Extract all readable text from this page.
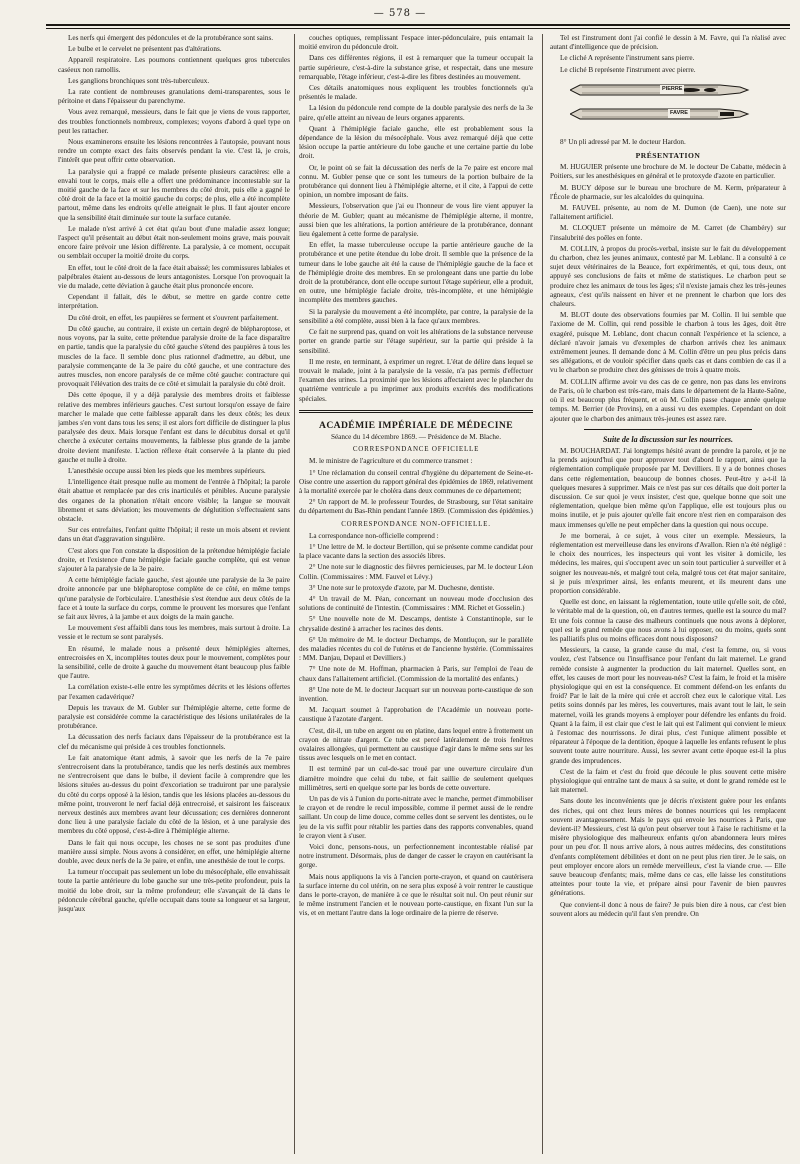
— 578 —

Les nerfs qui émergent des pédoncules et de la protubérance sont sains.

Le bulbe et le cervelet ne présentent pas d'altérations.

Appareil respiratoire. Les poumons contiennent quelques gros tubercules caséeux non ramollis.

Les ganglions bronchiques sont très-tuberculeux.

La rate contient de nombreuses granulations demi-transparentes, sous le péritoine et dans l'épaisseur du parenchyme.

Vous avez remarqué, messieurs, dans le fait que je viens de vous rapporter, des troubles fonctionnels nombreux, complexes; voyons d'abord à quel type on peut les rattacher.

Nous examinerons ensuite les lésions rencontrées à l'autopsie, pouvant nous rendre un compte exact des faits observés pendant la vie. C'est là, je crois, l'intérêt que peut offrir cette observation.

La paralysie qui a frappé ce malade présente plusieurs caractères: elle a envahi tout le corps, mais elle a offert une prédominance incontestable sur la moitié gauche de la face et sur les membres du côté droit, puis elle a gagné le côté droit de la face et la moitié gauche du corps; de plus, elle a été incomplète partout, même dans les endroits qu'elle atteignait le plus. Il faut ajouter encore que la sensibilité était diminuée sur toute la surface cutanée.

Le malade n'est arrivé à cet état qu'au bout d'une maladie assez longue; l'aspect qu'il présentait au début était non-seulement moins grave, mais pouvait encore faire prévoir une lésion différente. La paralysie, à ce moment, occupait ou semblait occuper la moitié droite du corps.

En effet, tout le côté droit de la face était abaissé; les commissures labiales et palpébrales étaient au-dessous de leurs antagonistes. Lorsque l'on provoquait la vie du malade, cette déviation à gauche était plus prononcée encore.

Cependant il fallait, dès le début, se mettre en garde contre cette interprétation.

Du côté droit, en effet, les paupières se ferment et s'ouvrent parfaitement.

Du côté gauche, au contraire, il existe un certain degré de blépharoptose, et nous voyons, par la suite, cette prétendue paralysie droite de la face disparaître en partie, tandis que la paralysie du côté gauche s'étend des paupières à tous les muscles de la face. Il semble donc plus rationnel d'admettre, au début, une paralysie commençante de la 3e paire du côté gauche, et une contracture des autres muscles, non encore paralysés de ce même côté gauche: contracture qui provoquait l'élévation des traits de ce côté et simulait la paralysie du côté droit.

Dès cette époque, il y a déjà paralysie des membres droits et faiblesse relative des membres inférieurs gauches. C'est surtout lorsqu'on essaye de faire marcher le malade que cette faiblesse apparaît dans les deux côtés; les deux jambes s'en vont dans tous les sens; il est alors fort difficile de distinguer la plus paralysée des deux. Mais lorsque l'enfant est dans le décubitus dorsal et qu'il cherche à exécuter certains mouvements, la faiblesse plus grande de la jambe droite devient manifeste. L'action réflexe était conservée à la plante du pied gauche et nulle à droite.

L'anesthésie occupe aussi bien les pieds que les membres supérieurs.

L'intelligence était presque nulle au moment de l'entrée à l'hôpital; la parole était abattue et remplacée par des cris inarticulés et pénibles. Aucune paralysie des organes de la phonation n'était encore visible; la langue se mouvait librement et sans déviation; les mouvements de déglutition s'effectuaient sans obstacle.

Sur ces entrefaites, l'enfant quitte l'hôpital; il reste un mois absent et revient dans un état d'aggravation singulière.

C'est alors que l'on constate la disposition de la prétendue hémiplégie faciale droite, et l'existence d'une hémiplégie faciale gauche complète, qui est venue s'ajouter à la paralysie de la 3e paire.

A cette hémiplégie faciale gauche, s'est ajoutée une paralysie de la 3e paire droite annoncée par une blépharoptose complète de ce côté, en même temps qu'une paralysie de l'orbiculaire. L'anesthésie s'est étendue aux deux côtés de la face et à toute la surface du corps, comme le prouvent les morsures que l'enfant se fait aux lèvres, à la jambe et aux doigts de la main gauche.

Le mouvement s'est affaibli dans tous les membres, mais surtout à droite. La vessie et le rectum se sont paralysés.

En résumé, le malade nous a présenté deux hémiplégies alternes, entrecroisées en X, incomplètes toutes deux pour le mouvement, complètes pour la sensibilité, celle de droite à gauche du mouvement étant beaucoup plus faible que l'autre.

La corrélation existe-t-elle entre les symptômes décrits et les lésions offertes par l'examen cadavérique?

Depuis les travaux de M. Gubler sur l'hémiplégie alterne, cette forme de paralysie est considérée comme la caractéristique des lésions unilatérales de la protubérance.

La décussation des nerfs faciaux dans l'épaisseur de la protubérance est la clef du mécanisme qui préside à ces troubles fonctionnels.

Le fait anatomique étant admis, à savoir que les nerfs de la 7e paire s'entrecroisent dans la protubérance, tandis que les nerfs destinés aux membres ne s'entrecroisent que dans le bulbe, il devient facile à comprendre que les lésions situées au-dessus du point d'excoriation se traduiront par une paralysie du côté du corps opposé à la lésion, tandis que les lésions placées au-dessous du même point, trouveront le nerf facial déjà entrecroisé, et saisiront les faisceaux nerveux destinés aux membres avant leur décussation; ces dernières donneront donc lieu à une paralysie faciale du côté de la lésion, et à une paralysie des membres du côté opposé, c'est-à-dire à l'hémiplégie alterne.

Dans le fait qui nous occupe, les choses ne se sont pas produites d'une manière aussi simple. Nous avons à considérer, en effet, une hémiplégie alterne double, avec deux nerfs de la 3e paire, et enfin, une anesthésie de tout le corps.

La tumeur n'occupait pas seulement un lobe du mésocéphale, elle envahissait toute la partie antérieure du lobe gauche sur une très-petite profondeur, puis la moitié du lobe droit, sur la même profondeur; elle s'avançait de là dans le pédoncule cérébral gauche, qu'elle occupait dans toute sa longueur et sa largeur, jusqu'aux

couches optiques, remplissant l'espace inter-pédonculaire, puis entamait la moitié environ du pédoncule droit.

Dans ces différentes régions, il est à remarquer que la tumeur occupait la partie supérieure, c'est-à-dire la substance grise, et respectait, dans une mesure remarquable, l'étage inférieur, c'est-à-dire les fibres destinées au mouvement.

Ces détails anatomiques nous expliquent les troubles fonctionnels qu'a présentés le malade.

La lésion du pédoncule rend compte de la double paralysie des nerfs de la 3e paire, qu'elle atteint au niveau de leurs organes apparents.

Quant à l'hémiplégie faciale gauche, elle est probablement sous la dépendance de la lésion du mésocéphale. Vous avez remarqué déjà que cette lésion occupe la partie antérieure du lobe gauche et une certaine partie du lobe droit.

Or, le point où se fait la décussation des nerfs de la 7e paire est encore mal connu. M. Gubler pense que ce sont les tumeurs de la portion bulbaire de la protubérance qui donnent lieu à l'hémiplégie alterne, et il cite, à l'appui de cette opinion, un nombre imposant de faits.

Messieurs, l'observation que j'ai eu l'honneur de vous lire vient appuyer la théorie de M. Gubler; quant au mécanisme de l'hémiplégie alterne, il montre, aussi bien que les altérations, la portion antérieure de la protubérance, donnant lieu également à cette forme de paralysie.

En effet, la masse tuberculeuse occupe la partie antérieure gauche de la protubérance et une petite étendue du lobe droit. Il semble que la présence de la tumeur dans le lobe gauche ait été la cause de l'hémiplégie gauche de la face et de l'hémiplégie droite des membres. En se prolongeant dans une partie du lobe droit de la protubérance, dont elle occupe surtout l'étage supérieur, elle a produit, en outre, une hémiplégie faciale droite, très-incomplète, et une hémiplégie incomplète des membres gauches.

Si la paralysie du mouvement a été incomplète, par contre, la paralysie de la sensibilité a été complète, aussi bien à la face qu'aux membres.

Ce fait ne surprend pas, quand on voit les altérations de la substance nerveuse porter en grande partie sur l'étage supérieur, sur la partie qui préside à la sensibilité.

Il me reste, en terminant, à exprimer un regret. L'état de délire dans lequel se trouvait le malade, joint à la paralysie de la vessie, n'a pas permis d'effectuer l'examen des urines. La proximité que les lésions affectaient avec le plancher du quatrième ventricule a pu imprimer aux produits excrétés des modifications spéciales.

ACADÉMIE IMPÉRIALE DE MÉDECINE

Séance du 14 décembre 1869. — Présidence de M. Blache.

CORRESPONDANCE OFFICIELLE

M. le ministre de l'agriculture et du commerce transmet :

1° Une réclamation du conseil central d'hygiène du département de Seine-et-Oise contre une assertion du rapport général des épidémies de 1869, relativement à la mortalité exercée par le choléra dans deux communes de ce département;

2° Un rapport de M. le professeur Tourdes, de Strasbourg, sur l'état sanitaire du département du Bas-Rhin pendant l'année 1869. (Commission des épidémies.)

CORRESPONDANCE NON-OFFICIELLE.

La correspondance non-officielle comprend :

1° Une lettre de M. le docteur Bertillon, qui se présente comme candidat pour la place vacante dans la section des associés libres.

2° Une note sur le diagnostic des fièvres pernicieuses, par M. le docteur Léon Collin. (Commissaires : MM. Fauvel et Lévy.)

3° Une note sur le protoxyde d'azote, par M. Duchesne, dentiste.

4° Un travail de M. Péan, concernant un nouveau mode d'occlusion des solutions de continuité de l'intestin. (Commissaires : MM. Richet et Gosselin.)

5° Une nouvelle note de M. Descamps, dentiste à Constantinople, sur le chrysalide destiné à arracher les racines des dents.

6° Un mémoire de M. le docteur Dechamps, de Montluçon, sur le parallèle des maladies récentes du col de l'utérus et de l'ancienne hystérie. (Commissaires : MM. Danjau, Depaul et Devilliers.)

7° Une note de M. Hoffman, pharmacien à Paris, sur l'emploi de l'eau de chaux dans l'allaitement artificiel. (Commission de la mortalité des enfants.)

8° Une note de M. le docteur Jacquart sur un nouveau porte-caustique de son invention.

M. Jacquart soumet à l'approbation de l'Académie un nouveau porte-caustique à l'azotate d'argent.

C'est, dit-il, un tube en argent ou en platine, dans lequel entre à frottement un crayon de nitrate d'argent. Ce tube est percé latéralement de trois fenêtres ovalaires allongées, qui permettent au caustique d'agir dans le même sens sur les tissus avec lesquels on le met en contact.

Il est terminé par un cul-de-sac troué par une ouverture circulaire d'un diamètre moindre que celui du tube, et fait saillie de seulement quelques millimètres, serti en quelque sorte par les bords de cette ouverture.

Un pas de vis à l'union du porte-nitrate avec le manche, permet d'immobiliser le crayon et de rendre le recul impossible, comme il permet aussi de le rendre saillant. Un coup de lime douce, comme celles dont se servent les dentistes, ou le jeu de la vis suffit pour rétablir les parties dans des rapports convenables, quand le crayon vient à s'user.

Voici donc, pensons-nous, un perfectionnement incontestable réalisé par notre instrument. Désormais, plus de danger de casser le crayon en cautérisant la gorge.

Mais nous appliquons la vis à l'ancien porte-crayon, et quand on cautérisera la surface interne du col utérin, on ne sera plus exposé à voir rentrer le caustique dans le porte-crayon, de manière à ce que le résultat soit nul. On peut réunir sur le même instrument l'ancien et le nouveau porte-caustique, en fixant l'un sur la vis, et en mettant l'autre dans la loge ordinaire de la pierre de réserve.

Tel est l'instrument dont j'ai confié le dessin à M. Favre, qui l'a réalisé avec autant d'intelligence que de précision.

Le cliché A représente l'instrument sans pierre.

Le cliché B représente l'instrument avec pierre.

PIERRE
FAVRE

8° Un pli adressé par M. le docteur Hardon.

PRÉSENTATION

M. HUGUIER présente une brochure de M. le docteur De Cabatte, médecin à Poitiers, sur les anesthésiques en général et le protoxyde d'azote en particulier.

M. BUCY dépose sur le bureau une brochure de M. Kerm, préparateur à l'École de pharmacie, sur les alcaloïdes du quinquina.

M. FAUVEL présente, au nom de M. Dumon (de Caen), une note sur l'allaitement artificiel.

M. CLOQUET présente un mémoire de M. Carret (de Chambéry) sur l'insalubrité des poêles en fonte.

M. COLLIN, à propos du procès-verbal, insiste sur le fait du développement du charbon, chez les jeunes animaux, contesté par M. Leblanc. Il a consulté à ce sujet deux vétérinaires de la Beauce, fort expérimentés, et qui, tous deux, ont appuyé ses conclusions de faits et même de statistiques. Le charbon peut se produire chez les animaux de tous les âges; s'il n'existe jamais chez les très-jeunes agneaux, c'est qu'ils naissent en hiver et ne prennent le charbon que lors des chaleurs.

M. BLOT doute des observations fournies par M. Collin. Il lui semble que l'axiome de M. Collin, qui rend possible le charbon à tous les âges, doit être exagéré, puisque M. Leblanc, dont chacun connaît l'expérience et la science, a déclaré n'avoir jamais vu d'exemples de charbon arrivés chez les animaux extrêmement jeunes. Il demande donc à M. Collin d'être un peu plus précis dans ses allégations, et de vouloir spécifier dans quels cas et dans combien de cas il a vu le charbon se produire chez des génisses de trois à quatre mois.

M. COLLIN affirme avoir vu des cas de ce genre, non pas dans les environs de Paris, où le charbon est très-rare, mais dans le département de la Haute-Saône, où il est beaucoup plus fréquent, et où M. Collin passe chaque année quelque temps. M. Berrier (de Provins), en a aussi vu des exemples. Cependant on doit ajouter que le charbon des animaux très-jeunes est assez rare.

Suite de la discussion sur les nourrices.

M. BOUCHARDAT. J'ai longtemps hésité avant de prendre la parole, et je ne la prends aujourd'hui que pour approuver tout d'abord le rapport, ainsi que la réglementation compliquée proposée par M. Devilliers. Il y a de bonnes choses dans cette réglementation, beaucoup de bonnes choses. Peut-être y a-t-il là quelques mesures à supprimer. Mais ce n'est pas sur ces détails que doit porter la discussion. Ce sur quoi je veux insister, c'est que, quelque bonne que soit une réglementation, quelque bien même qu'on l'applique, elle est toujours plus ou moins inutile, et je puis ajouter qu'elle fait encore n'est rien en comparaison des maux immenses qu'elle ne peut empêcher dans la question qui nous occupe.

Je me bornerai, à ce sujet, à vous citer un exemple. Messieurs, la réglementation est merveilleuse dans les environs d'Avallon. Rien n'a été négligé : le choix des nourrices, les inspecteurs qui vont les visiter à domicile, les médecins, les maires, qui s'occupent avec un soin tout particulier à surveiller et à soigner les nouveau-nés, et malgré tout cela, malgré tous cet état major sanitaire, si je puis m'exprimer ainsi, les enfants meurent, et ils meurent dans une proportion considérable.

Quelle est donc, en laissant la réglementation, toute utile qu'elle soit, de côté, le véritable mal de la question, où, en d'autres termes, quelle est la source du mal? Et une fois connue la cause des malheurs continuels que nous avons à déplorer, quel est le grand remède que nous avons à lui opposer, ou du moins, quels sont les palliatifs plus ou moins efficaces dont nous disposons?

Messieurs, la cause, la grande cause du mal, c'est la femme, ou, si vous voulez, c'est l'absence ou l'insuffisance pour l'enfant du lait maternel. Le grand remède consiste à augmenter la production du lait maternel. Quelles sont, en effet, les causes de mort pour les nouveau-nés? C'est la faim, le froid et la misère physiologique qui en est la conséquence. Et comment défend-on les enfants du froid? Par le lait de la mère qui crée et accroît chez eux le calorique vital. Les petits soins donnés par les mères, les couvertures, mais avant tout le lait, le sein maternel, voilà les grands moyens à employer pour défendre les enfants du froid. Quant à la faim, il est clair que c'est le lait qui est l'aliment qui convient le mieux à l'estomac des nourrissons. Je dirai plus, c'est l'unique aliment possible et réparateur à l'époque de la dentition, époque à laquelle les enfants refusent le plus souvent toute autre nourriture. Aussi, les sevrer avant cette époque est-il la plus grande des imprudences.

C'est de la faim et c'est du froid que découle le plus souvent cette misère physiologique qui entraîne tant de maux à sa suite, et dont le grand remède est le lait maternel.

Sans doute les inconvénients que je décris n'existent guère pour les enfants des riches, qui ont chez leurs mères de bonnes nourrices qui les remplacent souvent avantageusement. Mais le pays qui envoie les nourrices à Paris, que devient-il? Messieurs, c'est là qu'on peut observer tout à l'aise le rachitisme et la misère physiologique des malheureux enfants qu'on abandonnera leurs mères pour un peu d'or. Il nous arrive alors, à nous autres médecins, des constitutions d'enfants complètement débilitées et dont on ne peut plus rien tirer. Je le sais, on peut employer encore alors un remède merveilleux, c'est la viande crue. — Elle sauve beaucoup d'enfants; mais, même dans ce cas, elle laisse les constitutions atteintes pour toute la vie, et prépare ainsi pour l'avenir de bien pauvres générations.

Que convient-il donc à nous de faire? Je puis bien dire à nous, car c'est bien souvent alors au médecin qu'il faut s'en prendre. On
